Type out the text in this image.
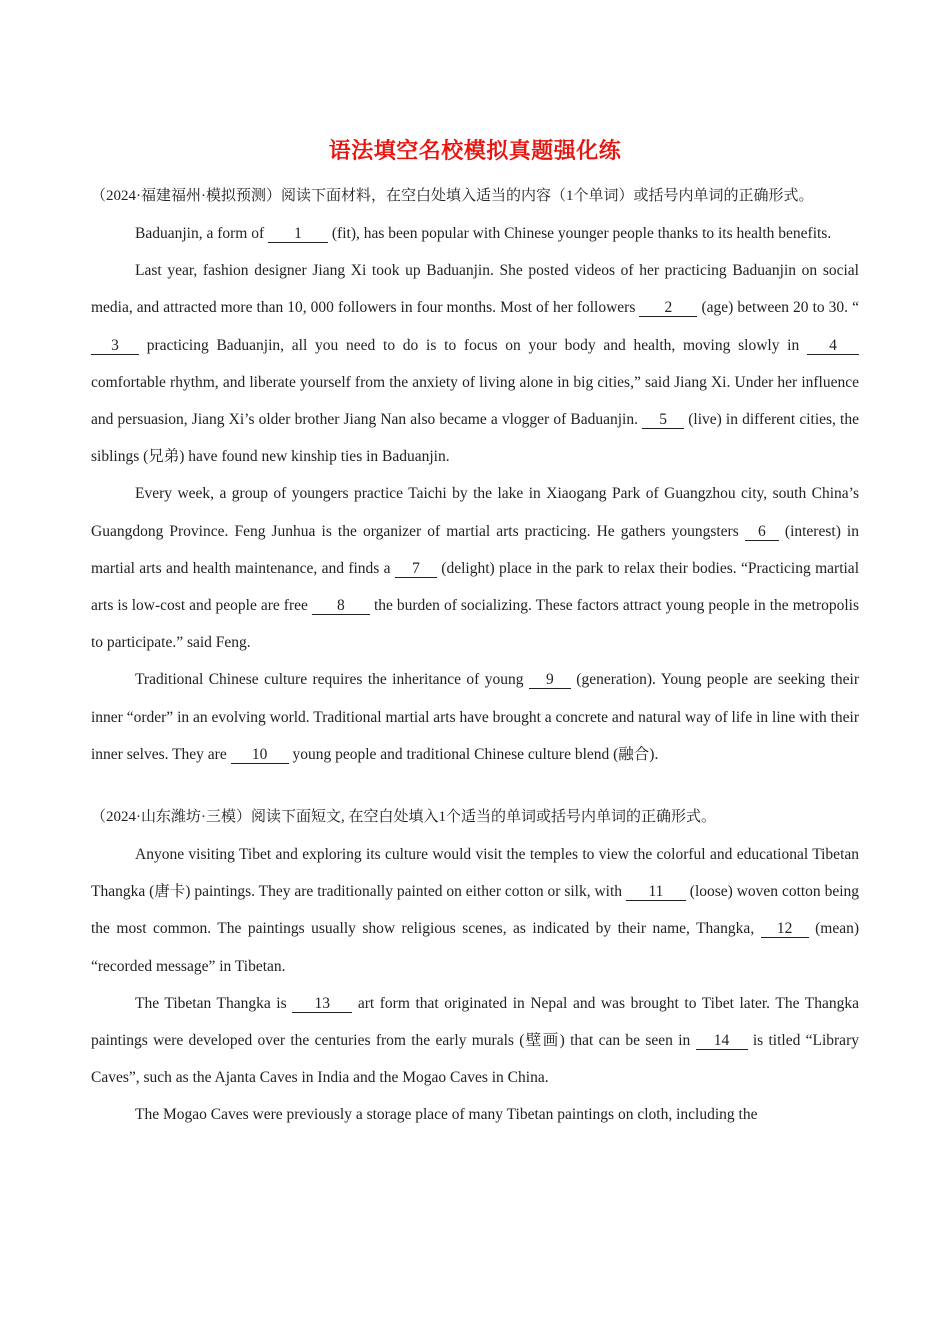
语法填空名校模拟真题强化练

（2024·福建福州·模拟预测）阅读下面材料，在空白处填入适当的内容（1个单词）或括号内单词的正确形式。

Baduanjin, a form of 1 (fit), has been popular with Chinese younger people thanks to its health benefits.

Last year, fashion designer Jiang Xi took up Baduanjin. She posted videos of her practicing Baduanjin on social media, and attracted more than 10, 000 followers in four months. Most of her followers 2 (age) between 20 to 30. “3 practicing Baduanjin, all you need to do is to focus on your body and health, moving slowly in 4 comfortable rhythm, and liberate yourself from the anxiety of living alone in big cities,” said Jiang Xi. Under her influence and persuasion, Jiang Xi’s older brother Jiang Nan also became a vlogger of Baduanjin. 5 (live) in different cities, the siblings (兄弟) have found new kinship ties in Baduanjin.

Every week, a group of youngers practice Taichi by the lake in Xiaogang Park of Guangzhou city, south China’s Guangdong Province. Feng Junhua is the organizer of martial arts practicing. He gathers youngsters 6 (interest) in martial arts and health maintenance, and finds a 7 (delight) place in the park to relax their bodies. “Practicing martial arts is low-cost and people are free 8 the burden of socializing. These factors attract young people in the metropolis to participate.” said Feng.

Traditional Chinese culture requires the inheritance of young 9 (generation). Young people are seeking their inner “order” in an evolving world. Traditional martial arts have brought a concrete and natural way of life in line with their inner selves. They are 10 young people and traditional Chinese culture blend (融合).

（2024·山东潍坊·三模）阅读下面短文, 在空白处填入1个适当的单词或括号内单词的正确形式。

Anyone visiting Tibet and exploring its culture would visit the temples to view the colorful and educational Tibetan Thangka (唐卡) paintings. They are traditionally painted on either cotton or silk, with 11 (loose) woven cotton being the most common. The paintings usually show religious scenes, as indicated by their name, Thangka, 12 (mean) “recorded message” in Tibetan.

The Tibetan Thangka is 13 art form that originated in Nepal and was brought to Tibet later. The Thangka paintings were developed over the centuries from the early murals (壁画) that can be seen in 14 is titled “Library Caves”, such as the Ajanta Caves in India and the Mogao Caves in China.

The Mogao Caves were previously a storage place of many Tibetan paintings on cloth, including the
